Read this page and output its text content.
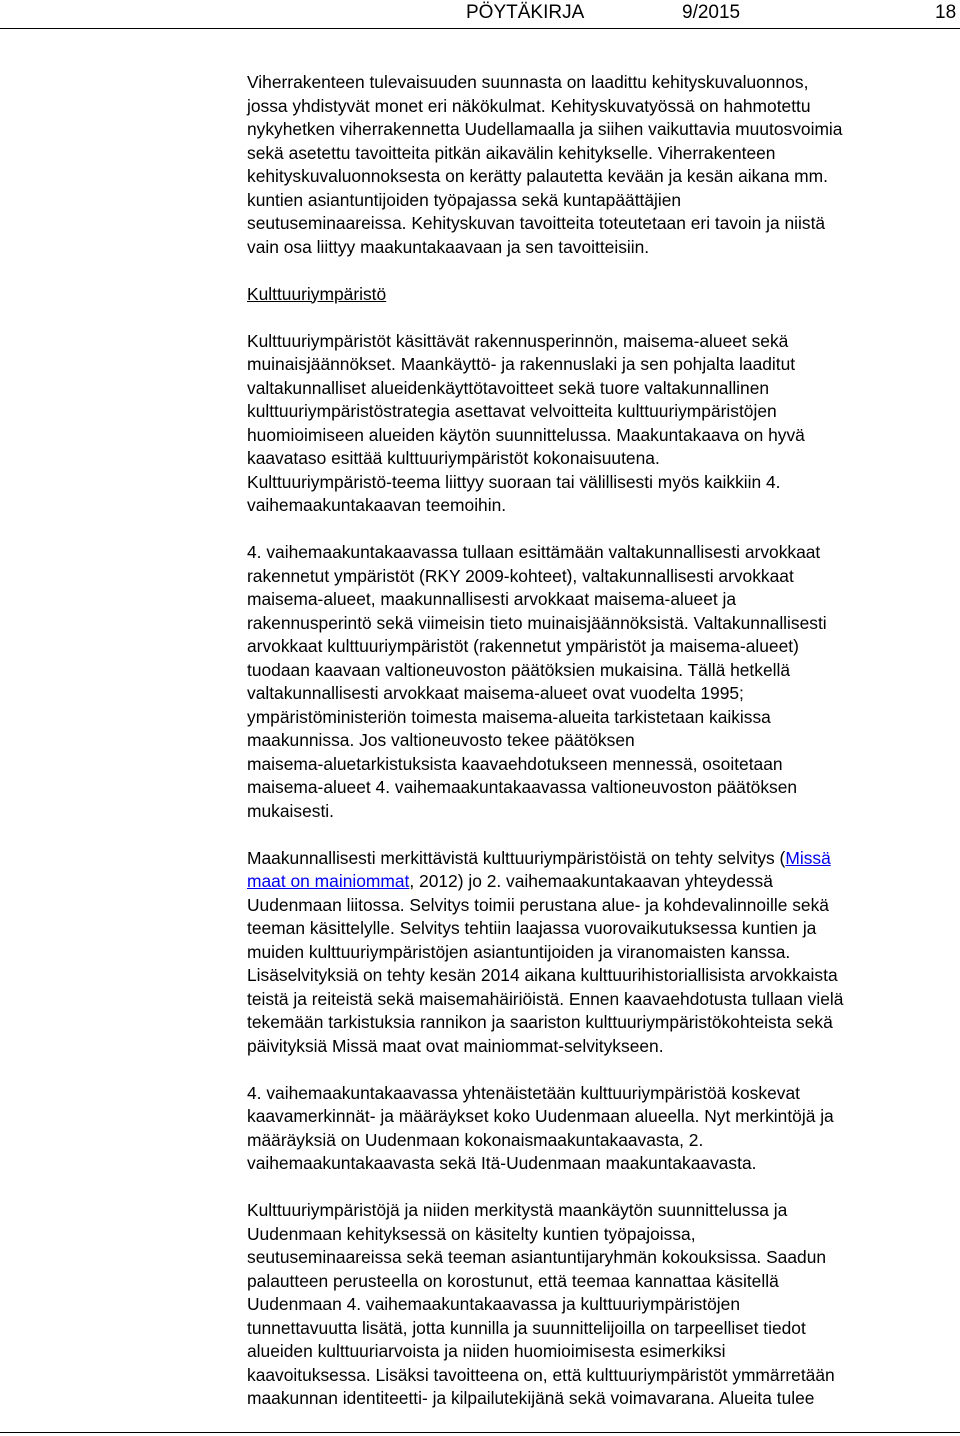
PÖYTÄKIRJA	9/2015	18

Viherrakenteen tulevaisuuden suunnasta on laadittu kehityskuvaluonnos,
jossa yhdistyvät monet eri näkökulmat. Kehityskuvatyössä on hahmotettu
nykyhetken viherrakennetta Uudellamaalla ja siihen vaikuttavia muutosvoimia
sekä asetettu tavoitteita pitkän aikavälin kehitykselle. Viherrakenteen
kehityskuvaluonnoksesta on kerätty palautetta kevään ja kesän aikana mm.
kuntien asiantuntijoiden työpajassa sekä kuntapäättäjien
seutuseminaareissa. Kehityskuvan tavoitteita toteutetaan eri tavoin ja niistä
vain osa liittyy maakuntakaavaan ja sen tavoitteisiin.

Kulttuuriympäristö

Kulttuuriympäristöt käsittävät rakennusperinnön, maisema-alueet sekä
muinaisjäännökset. Maankäyttö- ja rakennuslaki ja sen pohjalta laaditut
valtakunnalliset alueidenkäyttötavoitteet sekä tuore valtakunnallinen
kulttuuriympäristöstrategia asettavat velvoitteita kulttuuriympäristöjen
huomioimiseen alueiden käytön suunnittelussa. Maakuntakaava on hyvä
kaavataso esittää kulttuuriympäristöt kokonaisuutena.
Kulttuuriympäristö-teema liittyy suoraan tai välillisesti myös kaikkiin 4.
vaihemaakuntakaavan teemoihin.

4. vaihemaakuntakaavassa tullaan esittämään valtakunnallisesti arvokkaat
rakennetut ympäristöt (RKY 2009-kohteet), valtakunnallisesti arvokkaat
maisema-alueet, maakunnallisesti arvokkaat maisema-alueet ja
rakennusperintö sekä viimeisin tieto muinaisjäännöksistä. Valtakunnallisesti
arvokkaat kulttuuriympäristöt (rakennetut ympäristöt ja maisema-alueet)
tuodaan kaavaan valtioneuvoston päätöksien mukaisina. Tällä hetkellä
valtakunnallisesti arvokkaat maisema-alueet ovat vuodelta 1995;
ympäristöministeriön toimesta maisema-alueita tarkistetaan kaikissa
maakunnissa. Jos valtioneuvosto tekee päätöksen
maisema-aluetarkistuksista kaavaehdotukseen mennessä, osoitetaan
maisema-alueet 4. vaihemaakuntakaavassa valtioneuvoston päätöksen
mukaisesti.

Maakunnallisesti merkittävistä kulttuuriympäristöistä on tehty selvitys (Missä
maat on mainiommat, 2012) jo 2. vaihemaakuntakaavan yhteydessä
Uudenmaan liitossa. Selvitys toimii perustana alue- ja kohdevalinnoille sekä
teeman käsittelylle. Selvitys tehtiin laajassa vuorovaikutuksessa kuntien ja
muiden kulttuuriympäristöjen asiantuntijoiden ja viranomaisten kanssa.
Lisäselvityksiä on tehty kesän 2014 aikana kulttuurihistoriallisista arvokkaista
teistä ja reiteistä sekä maisemahäiriöistä. Ennen kaavaehdotusta tullaan vielä
tekemään tarkistuksia rannikon ja saariston kulttuuriympäristökohteista sekä
päivityksiä Missä maat ovat mainiommat-selvitykseen.

4. vaihemaakuntakaavassa yhtenäistetään kulttuuriympäristöä koskevat
kaavamerkinnät- ja määräykset koko Uudenmaan alueella. Nyt merkintöjä ja
määräyksiä on Uudenmaan kokonaismaakuntakaavasta, 2.
vaihemaakuntakaavasta sekä Itä-Uudenmaan maakuntakaavasta.

Kulttuuriympäristöjä ja niiden merkitystä maankäytön suunnittelussa ja
Uudenmaan kehityksessä on käsitelty kuntien työpajoissa,
seutuseminaareissa sekä teeman asiantuntijaryhmän kokouksissa. Saadun
palautteen perusteella on korostunut, että teemaa kannattaa käsitellä
Uudenmaan 4. vaihemaakuntakaavassa ja kulttuuriympäristöjen
tunnettavuutta lisätä, jotta kunnilla ja suunnittelijoilla on tarpeelliset tiedot
alueiden kulttuuriarvoista ja niiden huomioimisesta esimerkiksi
kaavoituksessa. Lisäksi tavoitteena on, että kulttuuriympäristöt ymmärretään
maakunnan identiteetti- ja kilpailutekijänä sekä voimavarana. Alueita tulee
